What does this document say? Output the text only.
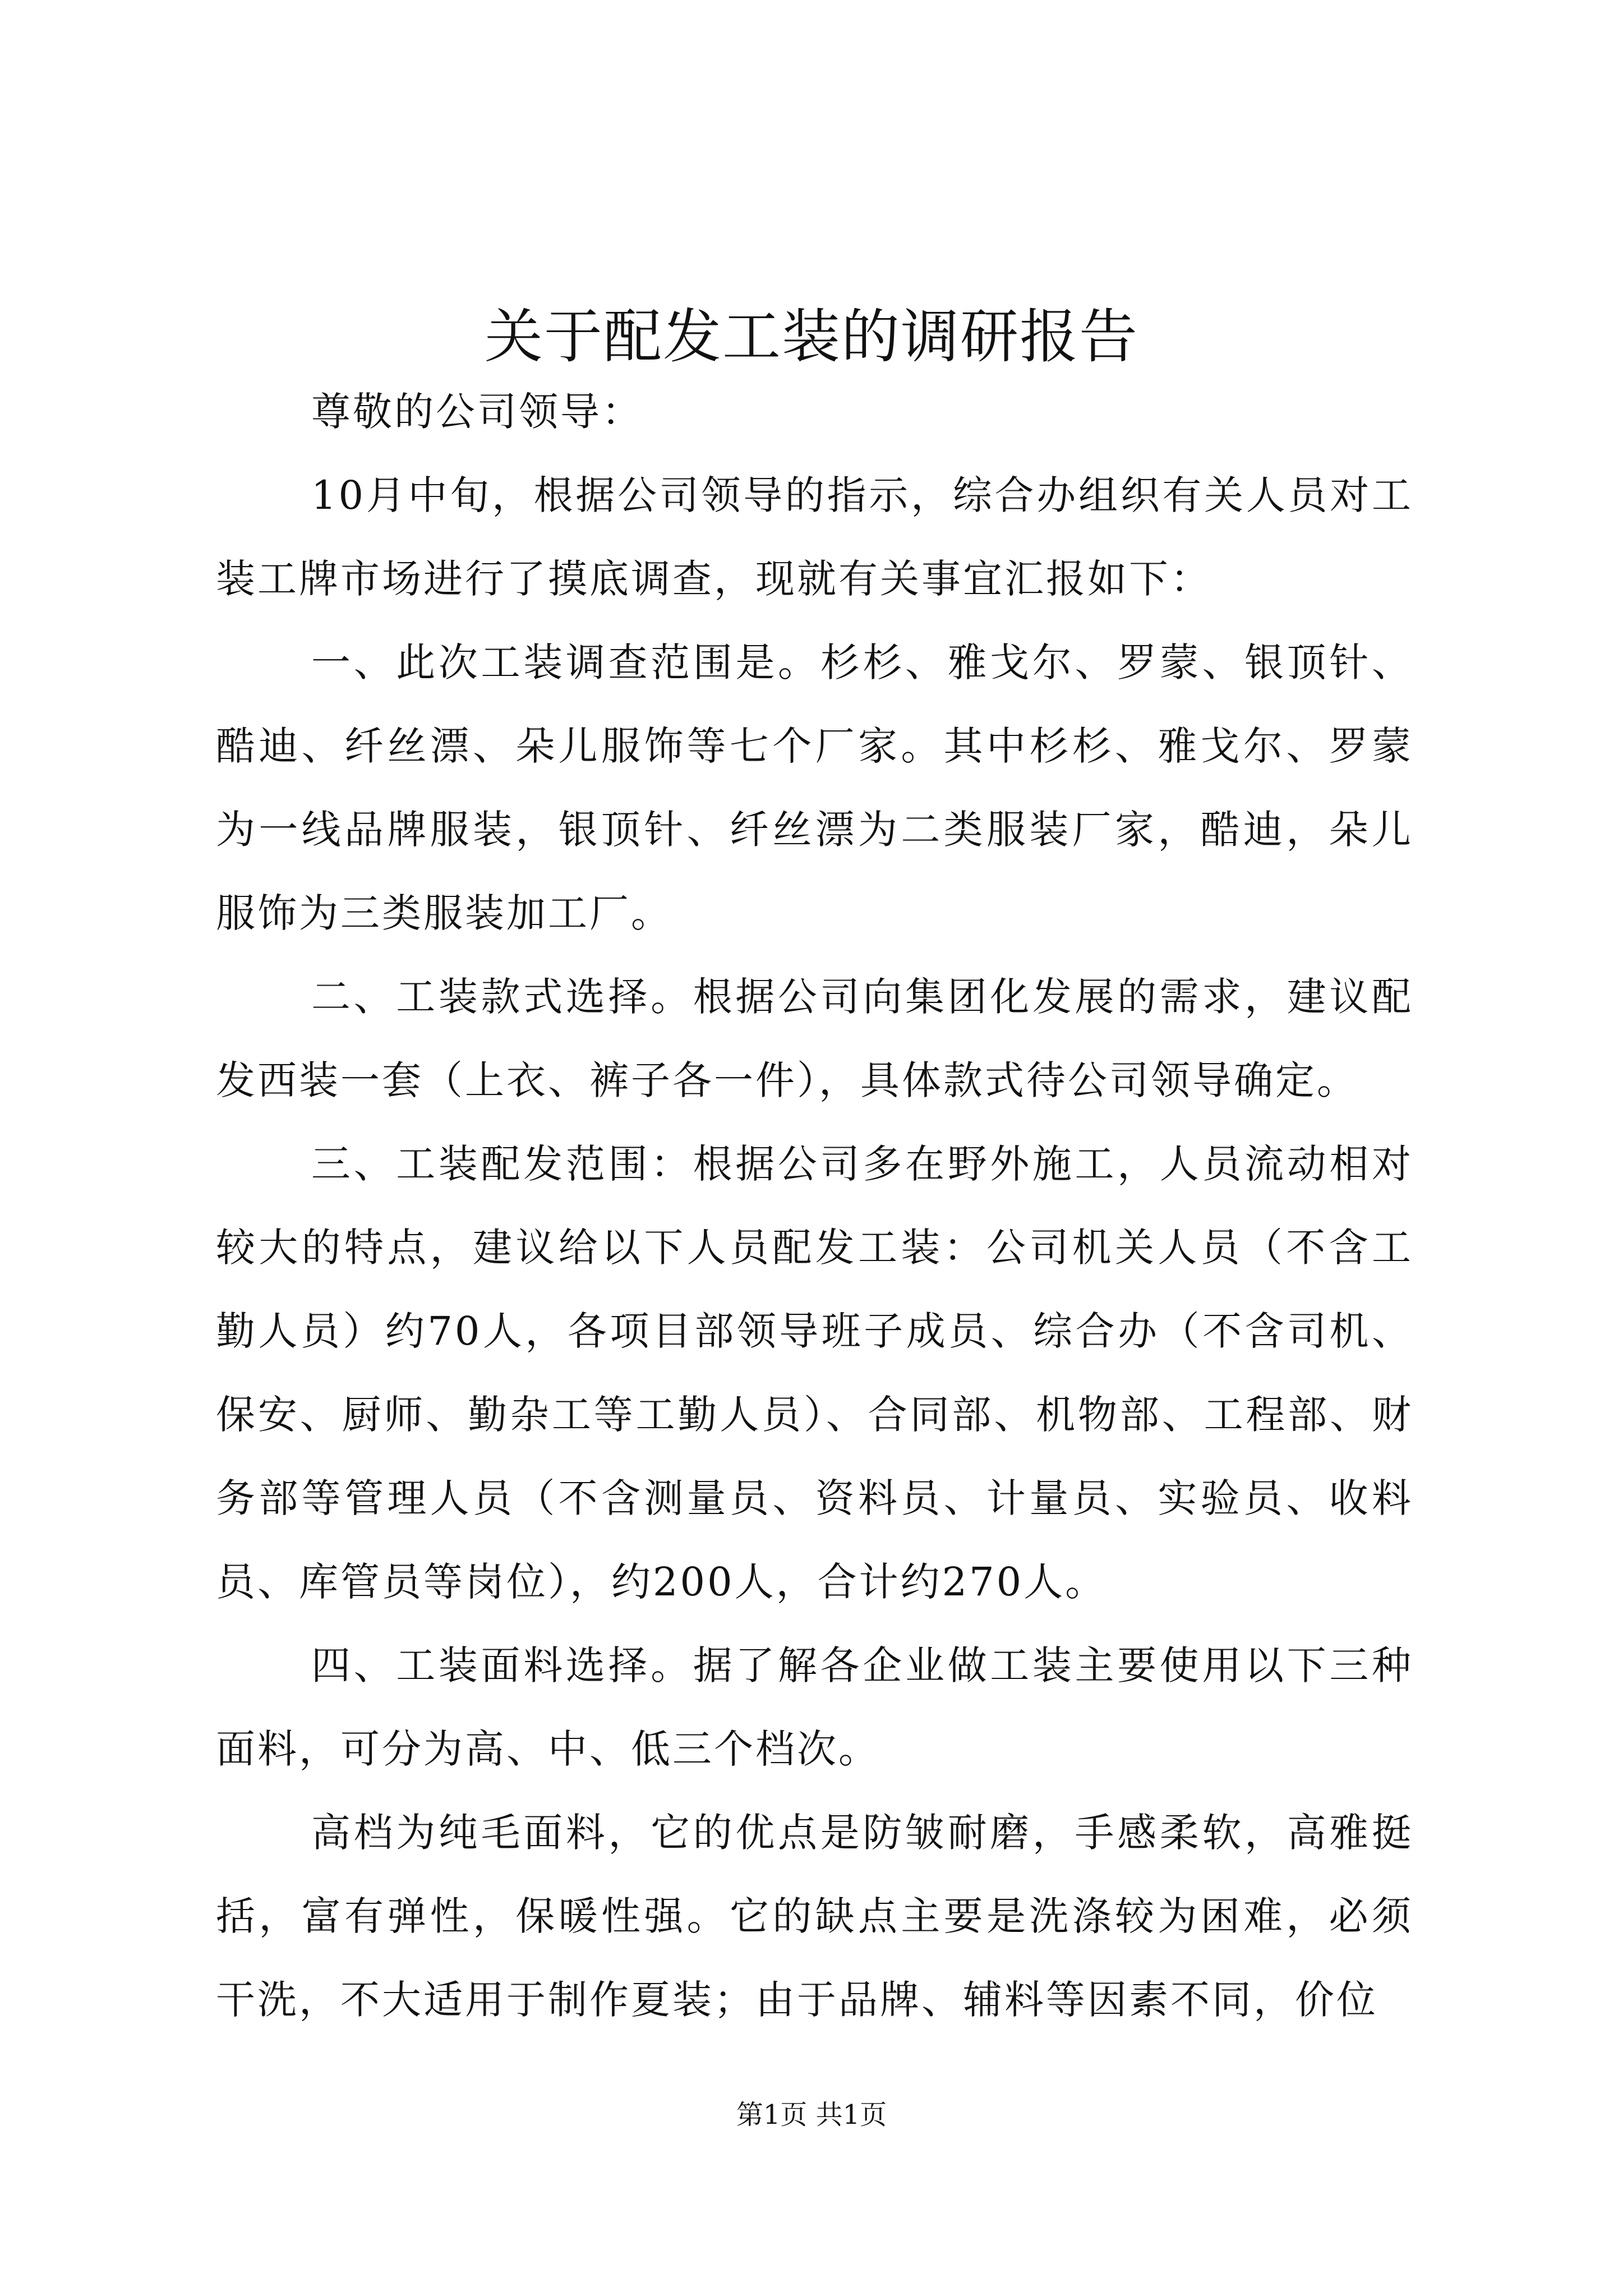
关于配发工装的调研报告

尊敬的公司领导：

10月中旬，根据公司领导的指示，综合办组织有关人员对工装工牌市场进行了摸底调查，现就有关事宜汇报如下：

一、此次工装调查范围是。杉杉、雅戈尔、罗蒙、银顶针、酷迪、纤丝漂、朵儿服饰等七个厂家。其中杉杉、雅戈尔、罗蒙为一线品牌服装，银顶针、纤丝漂为二类服装厂家，酷迪，朵儿服饰为三类服装加工厂。

二、工装款式选择。根据公司向集团化发展的需求，建议配发西装一套（上衣、裤子各一件），具体款式待公司领导确定。

三、工装配发范围：根据公司多在野外施工，人员流动相对较大的特点，建议给以下人员配发工装：公司机关人员（不含工勤人员）约70人，各项目部领导班子成员、综合办（不含司机、保安、厨师、勤杂工等工勤人员）、合同部、机物部、工程部、财务部等管理人员（不含测量员、资料员、计量员、实验员、收料员、库管员等岗位），约200人，合计约270人。

四、工装面料选择。据了解各企业做工装主要使用以下三种面料，可分为高、中、低三个档次。

高档为纯毛面料，它的优点是防皱耐磨，手感柔软，高雅挺括，富有弹性，保暖性强。它的缺点主要是洗涤较为困难，必须干洗，不大适用于制作夏装；由于品牌、辅料等因素不同，价位

第1页 共1页
